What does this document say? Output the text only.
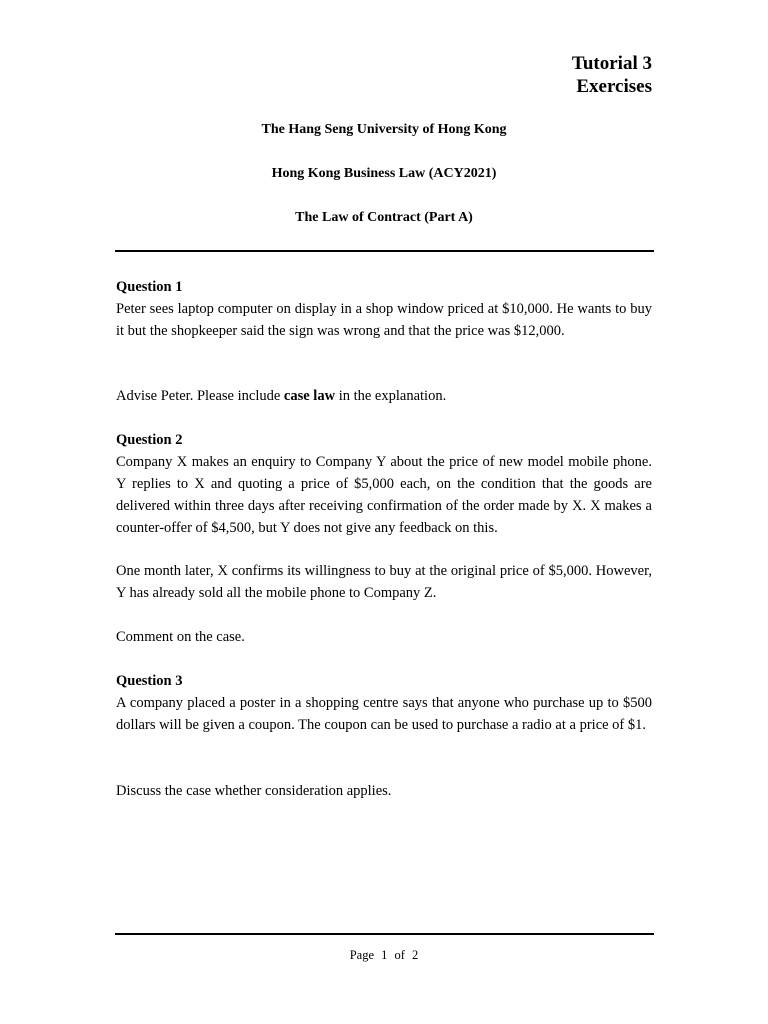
Tutorial 3
Exercises
The Hang Seng University of Hong Kong
Hong Kong Business Law (ACY2021)
The Law of Contract (Part A)
Question 1
Peter sees laptop computer on display in a shop window priced at $10,000. He wants to buy it but the shopkeeper said the sign was wrong and that the price was $12,000.
Advise Peter. Please include case law in the explanation.
Question 2
Company X makes an enquiry to Company Y about the price of new model mobile phone. Y replies to X and quoting a price of $5,000 each, on the condition that the goods are delivered within three days after receiving confirmation of the order made by X. X makes a counter-offer of $4,500, but Y does not give any feedback on this.
One month later, X confirms its willingness to buy at the original price of $5,000. However, Y has already sold all the mobile phone to Company Z.
Comment on the case.
Question 3
A company placed a poster in a shopping centre says that anyone who purchase up to $500 dollars will be given a coupon. The coupon can be used to purchase a radio at a price of $1.
Discuss the case whether consideration applies.
Page 1 of 2
